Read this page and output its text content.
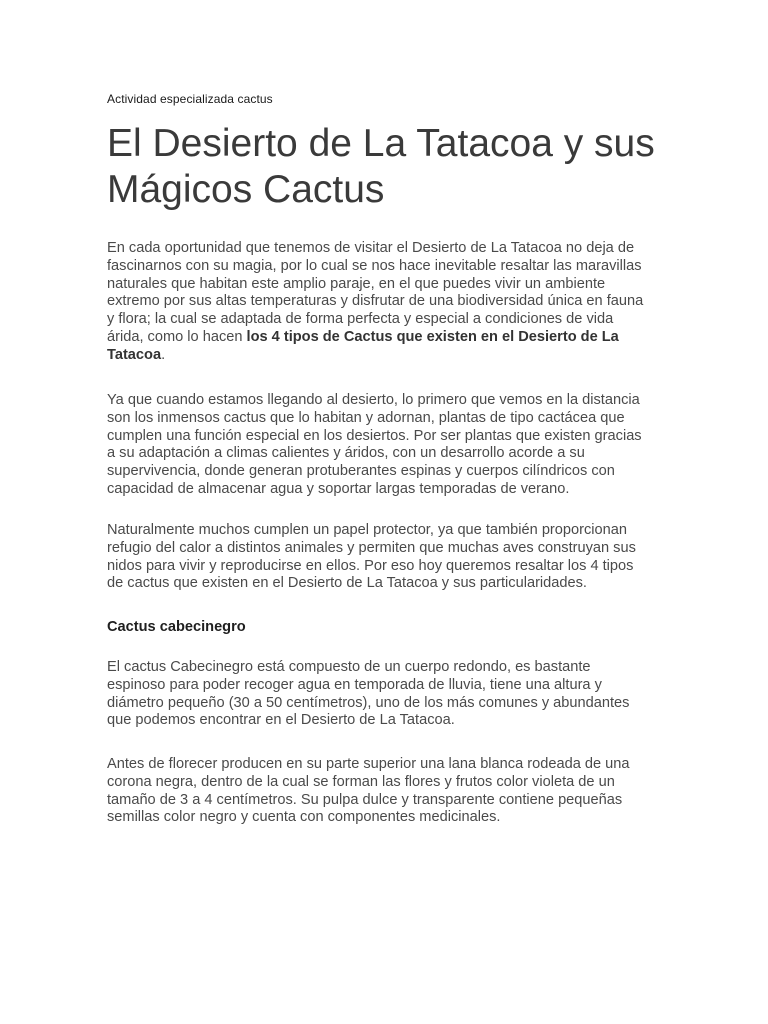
Actividad especializada cactus
El Desierto de La Tatacoa y sus Mágicos Cactus

En cada oportunidad que tenemos de visitar el Desierto de La Tatacoa no deja de fascinarnos con su magia, por lo cual se nos hace inevitable resaltar las maravillas naturales que habitan este amplio paraje, en el que puedes vivir un ambiente extremo por sus altas temperaturas y disfrutar de una biodiversidad única en fauna y flora; la cual se adaptada de forma perfecta y especial a condiciones de vida árida, como lo hacen los 4 tipos de Cactus que existen en el Desierto de La Tatacoa.

Ya que cuando estamos llegando al desierto, lo primero que vemos en la distancia son los inmensos cactus que lo habitan y adornan, plantas de tipo cactácea que cumplen una función especial en los desiertos. Por ser plantas que existen gracias a su adaptación a climas calientes y áridos, con un desarrollo acorde a su supervivencia, donde generan protuberantes espinas y cuerpos cilíndricos con capacidad de almacenar agua y soportar largas temporadas de verano.

Naturalmente muchos cumplen un papel protector, ya que también proporcionan refugio del calor a distintos animales y permiten que muchas aves construyan sus nidos para vivir y reproducirse en ellos. Por eso hoy queremos resaltar los 4 tipos de cactus que existen en el Desierto de La Tatacoa y sus particularidades.

Cactus cabecinegro

El cactus Cabecinegro está compuesto de un cuerpo redondo, es bastante espinoso para poder recoger agua en temporada de lluvia, tiene una altura y diámetro pequeño (30 a 50 centímetros), uno de los más comunes y abundantes que podemos encontrar en el Desierto de La Tatacoa.

Antes de florecer producen en su parte superior una lana blanca rodeada de una corona negra, dentro de la cual se forman las flores y frutos color violeta de un tamaño de 3 a 4 centímetros. Su pulpa dulce y transparente contiene pequeñas semillas color negro y cuenta con componentes medicinales.
